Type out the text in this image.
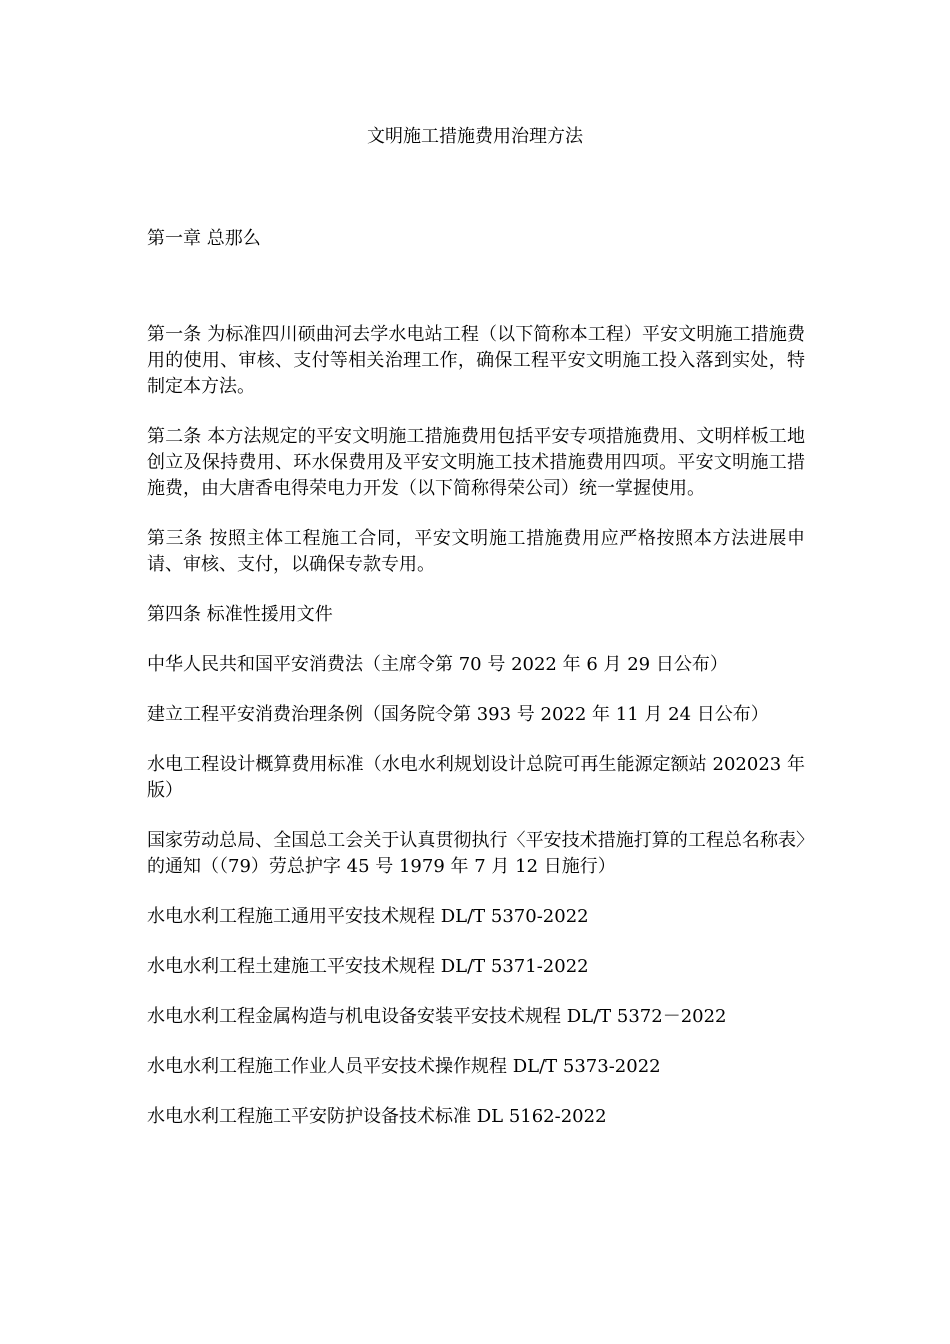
文明施工措施费用治理方法
第一章 总那么

第一条 为标准四川硕曲河去学水电站工程（以下简称本工程）平安文明施工措施费用的使用、审核、支付等相关治理工作，确保工程平安文明施工投入落到实处，特制定本方法。

第二条 本方法规定的平安文明施工措施费用包括平安专项措施费用、文明样板工地创立及保持费用、环水保费用及平安文明施工技术措施费用四项。平安文明施工措施费，由大唐香电得荣电力开发（以下简称得荣公司）统一掌握使用。

第三条 按照主体工程施工合同，平安文明施工措施费用应严格按照本方法进展申请、审核、支付，以确保专款专用。

第四条 标准性援用文件

中华人民共和国平安消费法（主席令第 70 号 2022 年 6 月 29 日公布）

建立工程平安消费治理条例（国务院令第 393 号 2022 年 11 月 24 日公布）

水电工程设计概算费用标准（水电水利规划设计总院可再生能源定额站 202023 年版）

国家劳动总局、全国总工会关于认真贯彻执行〈平安技术措施打算的工程总名称表〉的通知（（79）劳总护字 45 号 1979 年 7 月 12 日施行）

水电水利工程施工通用平安技术规程 DL/T 5370-2022

水电水利工程土建施工平安技术规程 DL/T 5371-2022

水电水利工程金属构造与机电设备安装平安技术规程 DL/T 5372－2022

水电水利工程施工作业人员平安技术操作规程 DL/T 5373-2022

水电水利工程施工平安防护设备技术标准 DL 5162-2022
